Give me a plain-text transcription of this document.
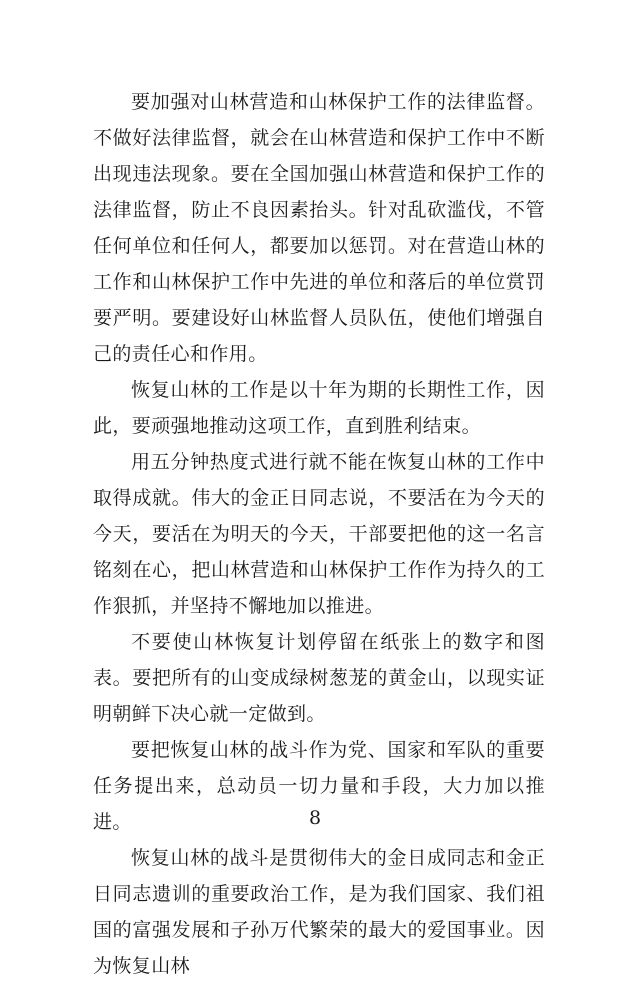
要加强对山林营造和山林保护工作的法律监督。不做好法律监督，就会在山林营造和保护工作中不断出现违法现象。要在全国加强山林营造和保护工作的法律监督，防止不良因素抬头。针对乱砍滥伐，不管任何单位和任何人，都要加以惩罚。对在营造山林的工作和山林保护工作中先进的单位和落后的单位赏罚要严明。要建设好山林监督人员队伍，使他们增强自己的责任心和作用。

恢复山林的工作是以十年为期的长期性工作，因此，要顽强地推动这项工作，直到胜利结束。

用五分钟热度式进行就不能在恢复山林的工作中取得成就。伟大的金正日同志说，不要活在为今天的今天，要活在为明天的今天，干部要把他的这一名言铭刻在心，把山林营造和山林保护工作作为持久的工作狠抓，并坚持不懈地加以推进。

不要使山林恢复计划停留在纸张上的数字和图表。要把所有的山变成绿树葱茏的黄金山，以现实证明朝鲜下决心就一定做到。

要把恢复山林的战斗作为党、国家和军队的重要任务提出来，总动员一切力量和手段，大力加以推进。

恢复山林的战斗是贯彻伟大的金日成同志和金正日同志遗训的重要政治工作，是为我们国家、我们祖国的富强发展和子孙万代繁荣的最大的爱国事业。因为恢复山林

8
